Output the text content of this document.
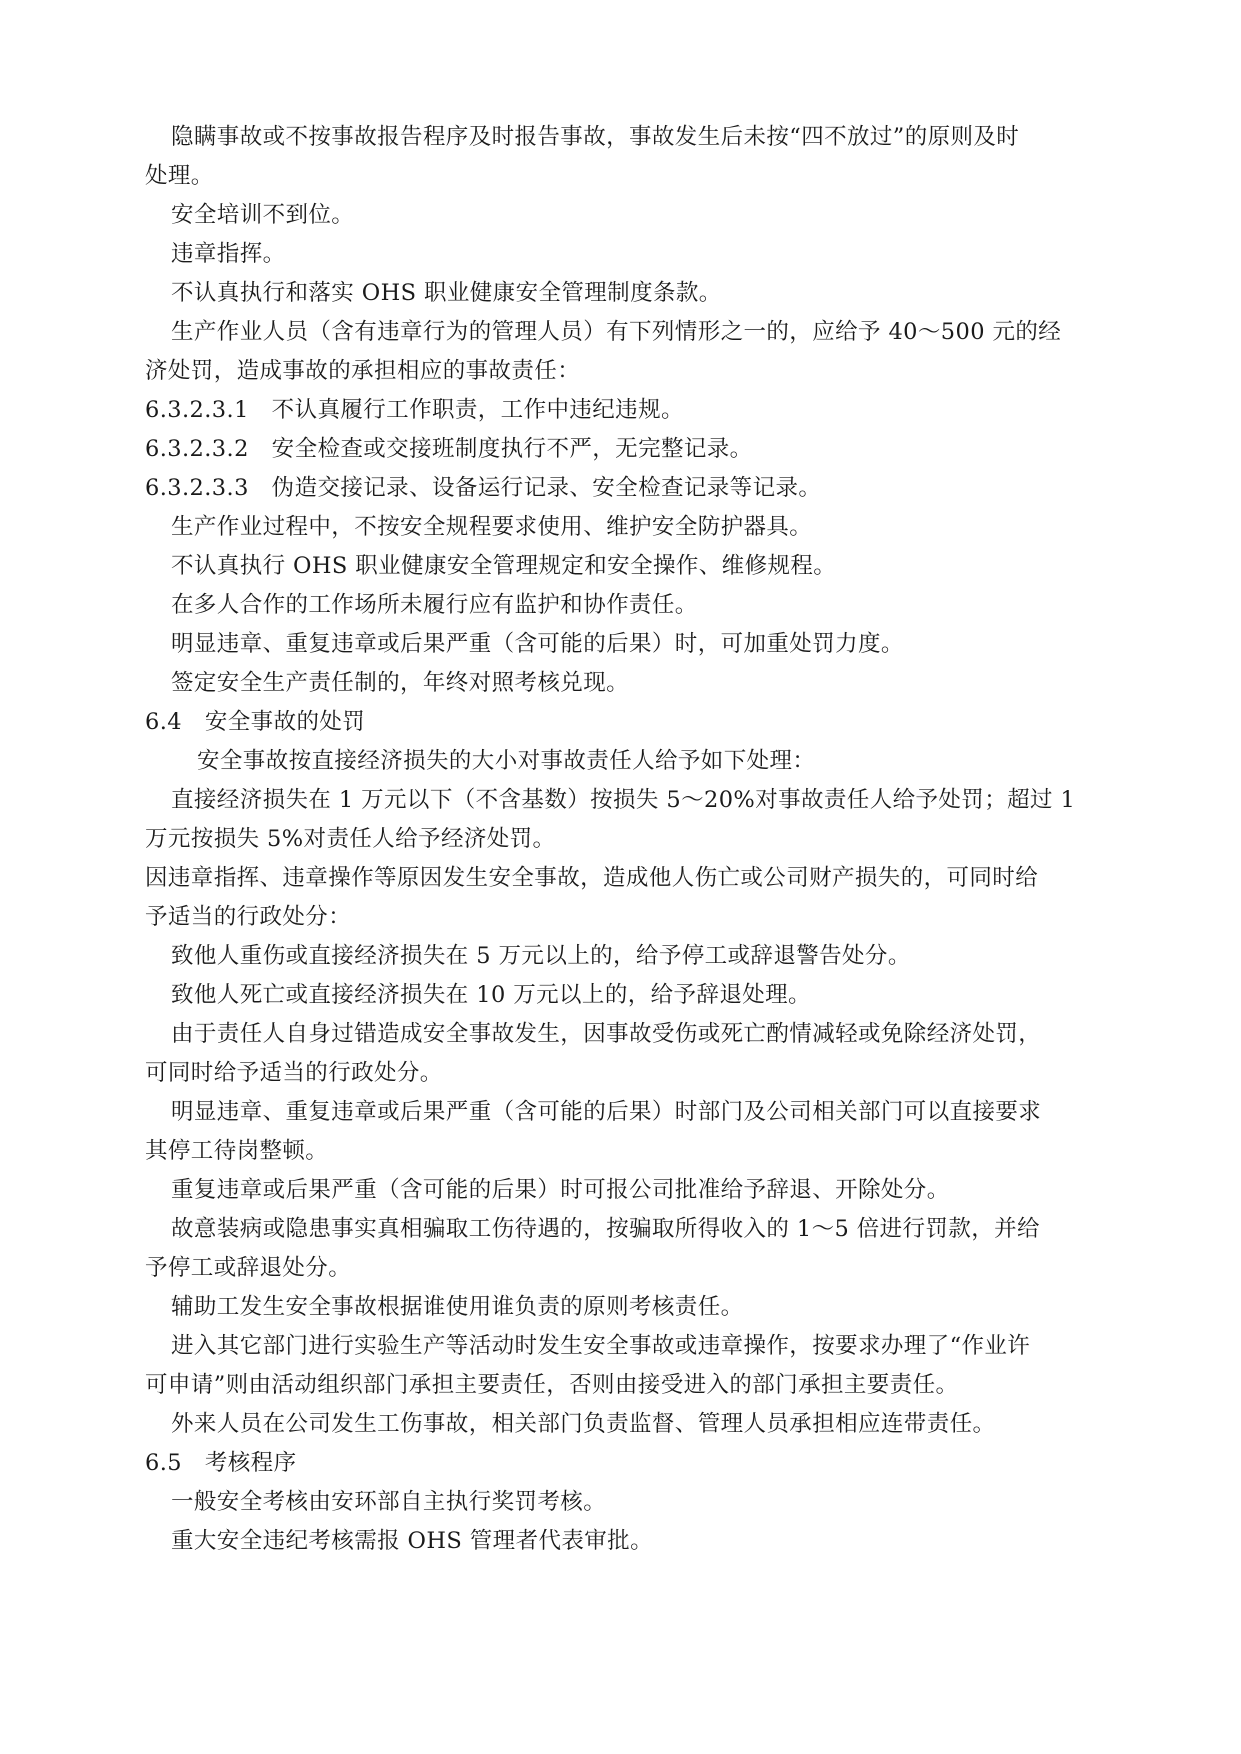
隐瞒事故或不按事故报告程序及时报告事故，事故发生后未按“四不放过”的原则及时
处理。
安全培训不到位。
违章指挥。
不认真执行和落实 OHS 职业健康安全管理制度条款。
生产作业人员（含有违章行为的管理人员）有下列情形之一的，应给予 40～500 元的经
济处罚，造成事故的承担相应的事故责任：
6.3.2.3.1　不认真履行工作职责，工作中违纪违规。
6.3.2.3.2　安全检查或交接班制度执行不严，无完整记录。
6.3.2.3.3　伪造交接记录、设备运行记录、安全检查记录等记录。
生产作业过程中，不按安全规程要求使用、维护安全防护器具。
不认真执行 OHS 职业健康安全管理规定和安全操作、维修规程。
在多人合作的工作场所未履行应有监护和协作责任。
明显违章、重复违章或后果严重（含可能的后果）时，可加重处罚力度。
签定安全生产责任制的，年终对照考核兑现。
6.4　安全事故的处罚
安全事故按直接经济损失的大小对事故责任人给予如下处理：
直接经济损失在 1 万元以下（不含基数）按损失 5～20%对事故责任人给予处罚；超过 1
万元按损失 5%对责任人给予经济处罚。
因违章指挥、违章操作等原因发生安全事故，造成他人伤亡或公司财产损失的，可同时给
予适当的行政处分：
致他人重伤或直接经济损失在 5 万元以上的，给予停工或辞退警告处分。
致他人死亡或直接经济损失在 10 万元以上的，给予辞退处理。
由于责任人自身过错造成安全事故发生，因事故受伤或死亡酌情减轻或免除经济处罚，
可同时给予适当的行政处分。
明显违章、重复违章或后果严重（含可能的后果）时部门及公司相关部门可以直接要求
其停工待岗整顿。
重复违章或后果严重（含可能的后果）时可报公司批准给予辞退、开除处分。
故意装病或隐患事实真相骗取工伤待遇的，按骗取所得收入的 1～5 倍进行罚款，并给
予停工或辞退处分。
辅助工发生安全事故根据谁使用谁负责的原则考核责任。
进入其它部门进行实验生产等活动时发生安全事故或违章操作，按要求办理了“作业许
可申请”则由活动组织部门承担主要责任，否则由接受进入的部门承担主要责任。
外来人员在公司发生工伤事故，相关部门负责监督、管理人员承担相应连带责任。
6.5　考核程序
一般安全考核由安环部自主执行奖罚考核。
重大安全违纪考核需报 OHS 管理者代表审批。
